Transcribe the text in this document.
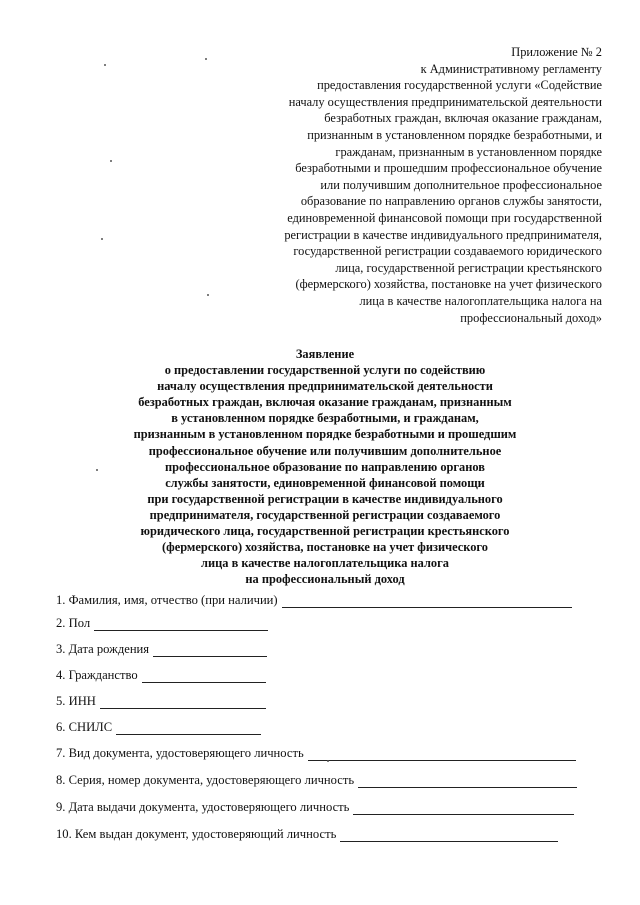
Приложение № 2
к Административному регламенту
предоставления государственной услуги «Содействие
началу осуществления предпринимательской деятельности
безработных граждан, включая оказание гражданам,
признанным в установленном порядке безработными, и
гражданам, признанным в установленном порядке
безработными и прошедшим профессиональное обучение
или получившим дополнительное профессиональное
образование по направлению органов службы занятости,
единовременной финансовой помощи при государственной
регистрации в качестве индивидуального предпринимателя,
государственной регистрации создаваемого юридического
лица, государственной регистрации крестьянского
(фермерского) хозяйства, постановке на учет физического
лица в качестве налогоплательщика налога на
профессиональный доход»
Заявление
о предоставлении государственной услуги по содействию
началу осуществления предпринимательской деятельности
безработных граждан, включая оказание гражданам, признанным
в установленном порядке безработными, и гражданам,
признанным в установленном порядке безработными и прошедшим
профессиональное обучение или получившим дополнительное
профессиональное образование по направлению органов
службы занятости, единовременной финансовой помощи
при государственной регистрации в качестве индивидуального
предпринимателя, государственной регистрации создаваемого
юридического лица, государственной регистрации крестьянского
(фермерского) хозяйства, постановке на учет физического
лица в качестве налогоплательщика налога
на профессиональный доход
1. Фамилия, имя, отчество (при наличии)
2. Пол
3. Дата рождения
4. Гражданство
5. ИНН
6. СНИЛС
7. Вид документа, удостоверяющего личность
8. Серия, номер документа, удостоверяющего личность
9. Дата выдачи документа, удостоверяющего личность
10. Кем выдан документ, удостоверяющий личность
